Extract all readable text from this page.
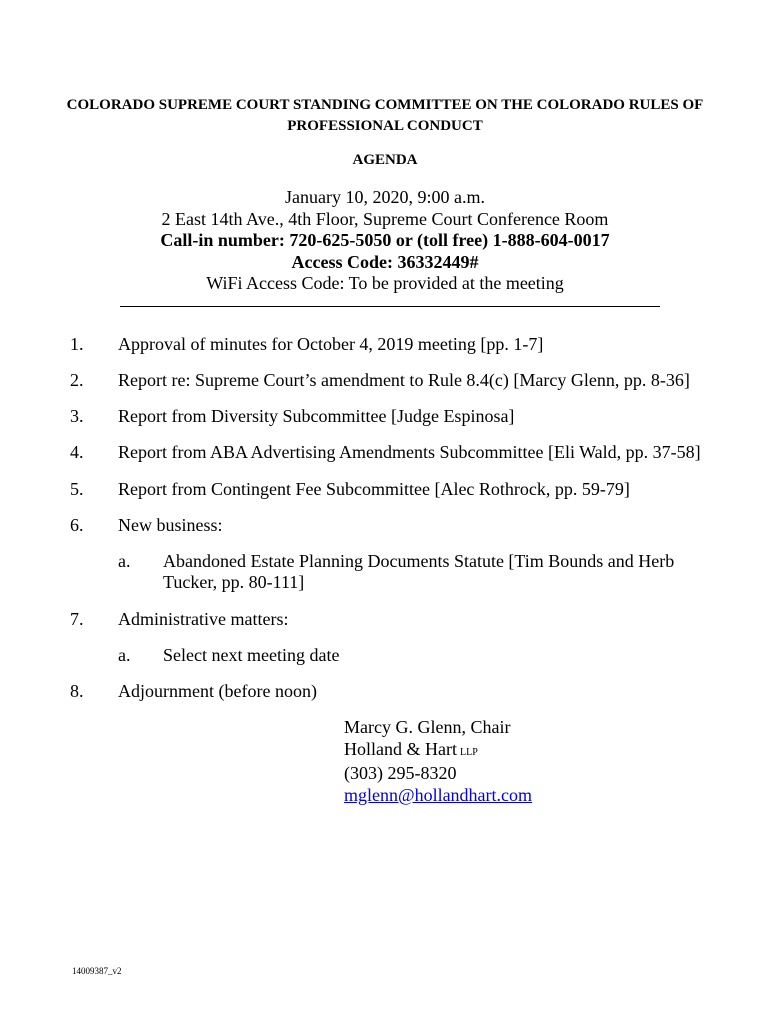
COLORADO SUPREME COURT STANDING COMMITTEE ON THE COLORADO RULES OF
PROFESSIONAL CONDUCT
AGENDA
January 10, 2020, 9:00 a.m.
2 East 14th Ave., 4th Floor, Supreme Court Conference Room
Call-in number: 720-625-5050 or (toll free) 1-888-604-0017
Access Code: 36332449#
WiFi Access Code: To be provided at the meeting
1. Approval of minutes for October 4, 2019 meeting [pp. 1-7]
2. Report re: Supreme Court’s amendment to Rule 8.4(c) [Marcy Glenn, pp. 8-36]
3. Report from Diversity Subcommittee [Judge Espinosa]
4. Report from ABA Advertising Amendments Subcommittee [Eli Wald, pp. 37-58]
5. Report from Contingent Fee Subcommittee [Alec Rothrock, pp. 59-79]
6. New business:
a. Abandoned Estate Planning Documents Statute [Tim Bounds and Herb Tucker, pp. 80-111]
7. Administrative matters:
a. Select next meeting date
8. Adjournment (before noon)
Marcy G. Glenn, Chair
Holland & Hart LLP
(303) 295-8320
mglenn@hollandhart.com
14009387_v2
